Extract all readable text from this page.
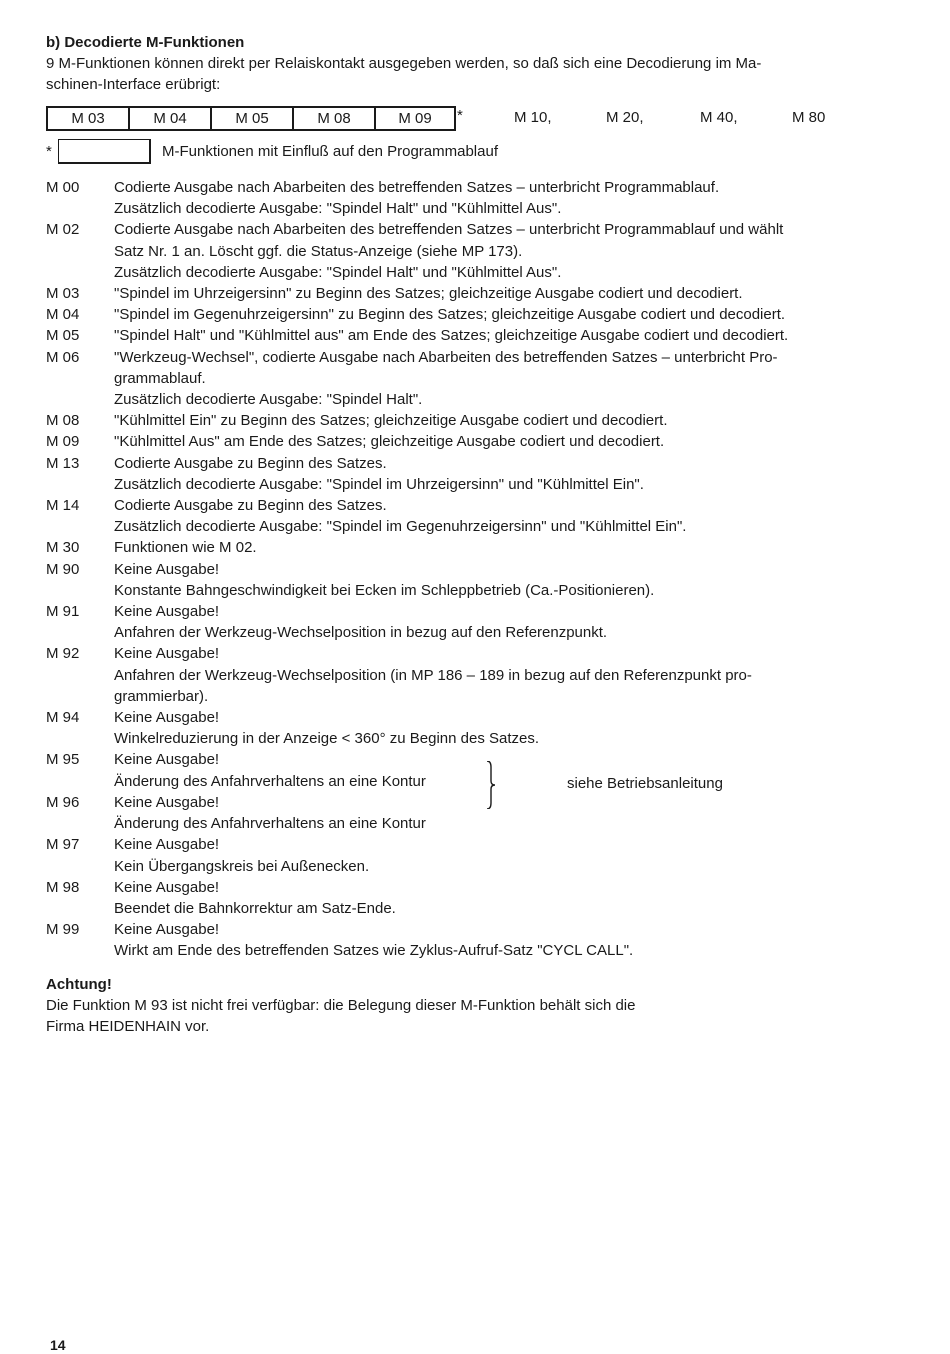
b) Decodierte M-Funktionen

9 M-Funktionen können direkt per Relaiskontakt ausgegeben werden, so daß sich eine Decodierung im Ma-
schinen-Interface erübrigt:

M 03	M 04	M 05	M 08	M 09	*	M 10,	M 20,	M 40,	M 80
*	M-Funktionen mit Einfluß auf den Programmablauf
M 00	Codierte Ausgabe nach Abarbeiten des betreffenden Satzes – unterbricht Programmablauf.
Zusätzlich decodierte Ausgabe: "Spindel Halt" und "Kühlmittel Aus".
M 02	Codierte Ausgabe nach Abarbeiten des betreffenden Satzes – unterbricht Programmablauf und wählt
Satz Nr. 1 an. Löscht ggf. die Status-Anzeige (siehe MP 173).
Zusätzlich decodierte Ausgabe: "Spindel Halt" und "Kühlmittel Aus".
M 03	"Spindel im Uhrzeigersinn" zu Beginn des Satzes; gleichzeitige Ausgabe codiert und decodiert.
M 04	"Spindel im Gegenuhrzeigersinn" zu Beginn des Satzes; gleichzeitige Ausgabe codiert und decodiert.
M 05	"Spindel Halt" und "Kühlmittel aus" am Ende des Satzes; gleichzeitige Ausgabe codiert und decodiert.
M 06	"Werkzeug-Wechsel", codierte Ausgabe nach Abarbeiten des betreffenden Satzes – unterbricht Pro-
grammablauf.
Zusätzlich decodierte Ausgabe: "Spindel Halt".
M 08	"Kühlmittel Ein" zu Beginn des Satzes; gleichzeitige Ausgabe codiert und decodiert.
M 09	"Kühlmittel Aus" am Ende des Satzes; gleichzeitige Ausgabe codiert und decodiert.
M 13	Codierte Ausgabe zu Beginn des Satzes.
Zusätzlich decodierte Ausgabe: "Spindel im Uhrzeigersinn" und "Kühlmittel Ein".
M 14	Codierte Ausgabe zu Beginn des Satzes.
Zusätzlich decodierte Ausgabe: "Spindel im Gegenuhrzeigersinn" und "Kühlmittel Ein".
M 30	Funktionen wie M 02.
M 90	Keine Ausgabe!
Konstante Bahngeschwindigkeit bei Ecken im Schleppbetrieb (Ca.-Positionieren).
M 91	Keine Ausgabe!
Anfahren der Werkzeug-Wechselposition in bezug auf den Referenzpunkt.
M 92	Keine Ausgabe!
Anfahren der Werkzeug-Wechselposition (in MP 186 – 189 in bezug auf den Referenzpunkt pro-
grammierbar).
M 94	Keine Ausgabe!
Winkelreduzierung in der Anzeige < 360° zu Beginn des Satzes.
siehe Betriebsanleitung
M 95	Keine Ausgabe!
Änderung des Anfahrverhaltens an eine Kontur
M 96	Keine Ausgabe!
Änderung des Anfahrverhaltens an eine Kontur
M 97	Keine Ausgabe!
Kein Übergangskreis bei Außenecken.
M 98	Keine Ausgabe!
Beendet die Bahnkorrektur am Satz-Ende.
M 99	Keine Ausgabe!
Wirkt am Ende des betreffenden Satzes wie Zyklus-Aufruf-Satz "CYCL CALL".
Achtung!
Die Funktion M 93 ist nicht frei verfügbar: die Belegung dieser M-Funktion behält sich die
Firma HEIDENHAIN vor.
14
